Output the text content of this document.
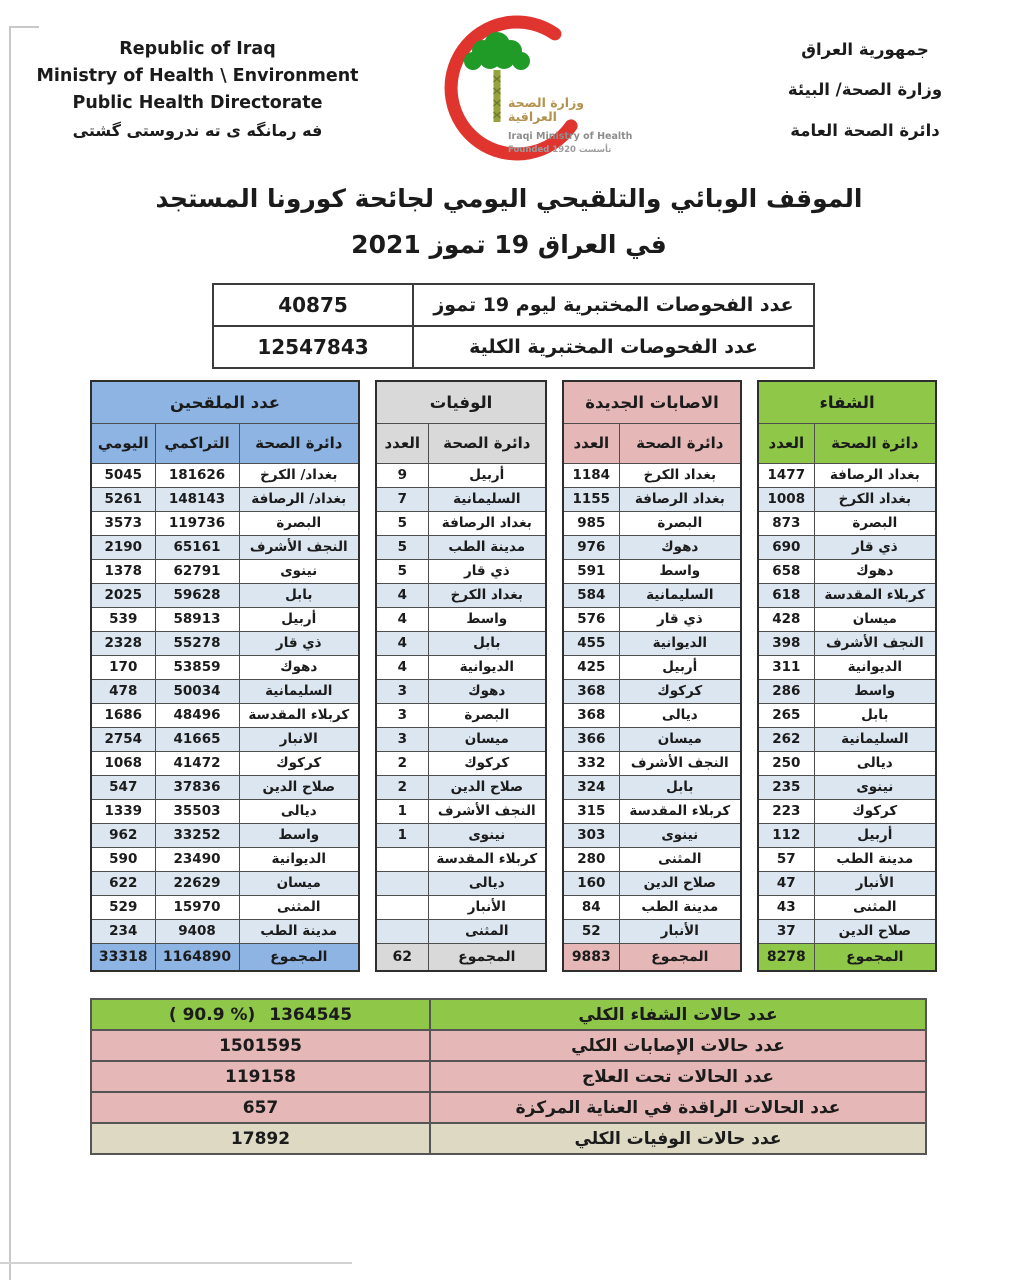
Republic of Iraq
Ministry of Health \ Environment
Public Health Directorate
فه رمانگه ى ته ندروستى گشتى
وزارة الصحة العراقية
Iraqi Ministry of Health
Founded 1920 تأسست
جمهورية العراق
وزارة الصحة/ البيئة
دائرة الصحة العامة
الموقف الوبائي والتلقيحي اليومي لجائحة كورونا المستجد
في العراق 19 تموز 2021
40875	عدد الفحوصات المختبرية ليوم 19 تموز
12547843	عدد الفحوصات المختبرية الكلية
عدد الملقحين		
اليومي	التراكمي	دائرة الصحة
5045	181626	بغداد/ الكرخ
5261	148143	بغداد/ الرصافة
3573	119736	البصرة
2190	65161	النجف الأشرف
1378	62791	نينوى
2025	59628	بابل
539	58913	أربيل
2328	55278	ذي قار
170	53859	دهوك
478	50034	السليمانية
1686	48496	كربلاء المقدسة
2754	41665	الانبار
1068	41472	كركوك
547	37836	صلاح الدين
1339	35503	ديالى
962	33252	واسط
590	23490	الديوانية
622	22629	ميسان
529	15970	المثنى
234	9408	مدينة الطب
33318	1164890	المجموع
الوفيات	
العدد	دائرة الصحة
9	أربيل
7	السليمانية
5	بغداد الرصافة
5	مدينة الطب
5	ذي قار
4	بغداد الكرخ
4	واسط
4	بابل
4	الديوانية
3	دهوك
3	البصرة
3	ميسان
2	كركوك
2	صلاح الدين
1	النجف الأشرف
1	نينوى
	كربلاء المقدسة
	ديالى
	الأنبار
	المثنى
62	المجموع
الاصابات الجديدة	
العدد	دائرة الصحة
1184	بغداد الكرخ
1155	بغداد الرصافة
985	البصرة
976	دهوك
591	واسط
584	السليمانية
576	ذي قار
455	الديوانية
425	أربيل
368	كركوك
368	ديالى
366	ميسان
332	النجف الأشرف
324	بابل
315	كربلاء المقدسة
303	نينوى
280	المثنى
160	صلاح الدين
84	مدينة الطب
52	الأنبار
9883	المجموع
الشفاء	
العدد	دائرة الصحة
1477	بغداد الرصافة
1008	بغداد الكرخ
873	البصرة
690	ذي قار
658	دهوك
618	كربلاء المقدسة
428	ميسان
398	النجف الأشرف
311	الديوانية
286	واسط
265	بابل
262	السليمانية
250	ديالى
235	نينوى
223	كركوك
112	أربيل
57	مدينة الطب
47	الأنبار
43	المثنى
37	صلاح الدين
8278	المجموع
( 90.9 %) 1364545	عدد حالات الشفاء الكلي
1501595	عدد حالات الإصابات الكلي
119158	عدد الحالات تحت العلاج
657	عدد الحالات الراقدة في العناية المركزة
17892	عدد حالات الوفيات الكلي
